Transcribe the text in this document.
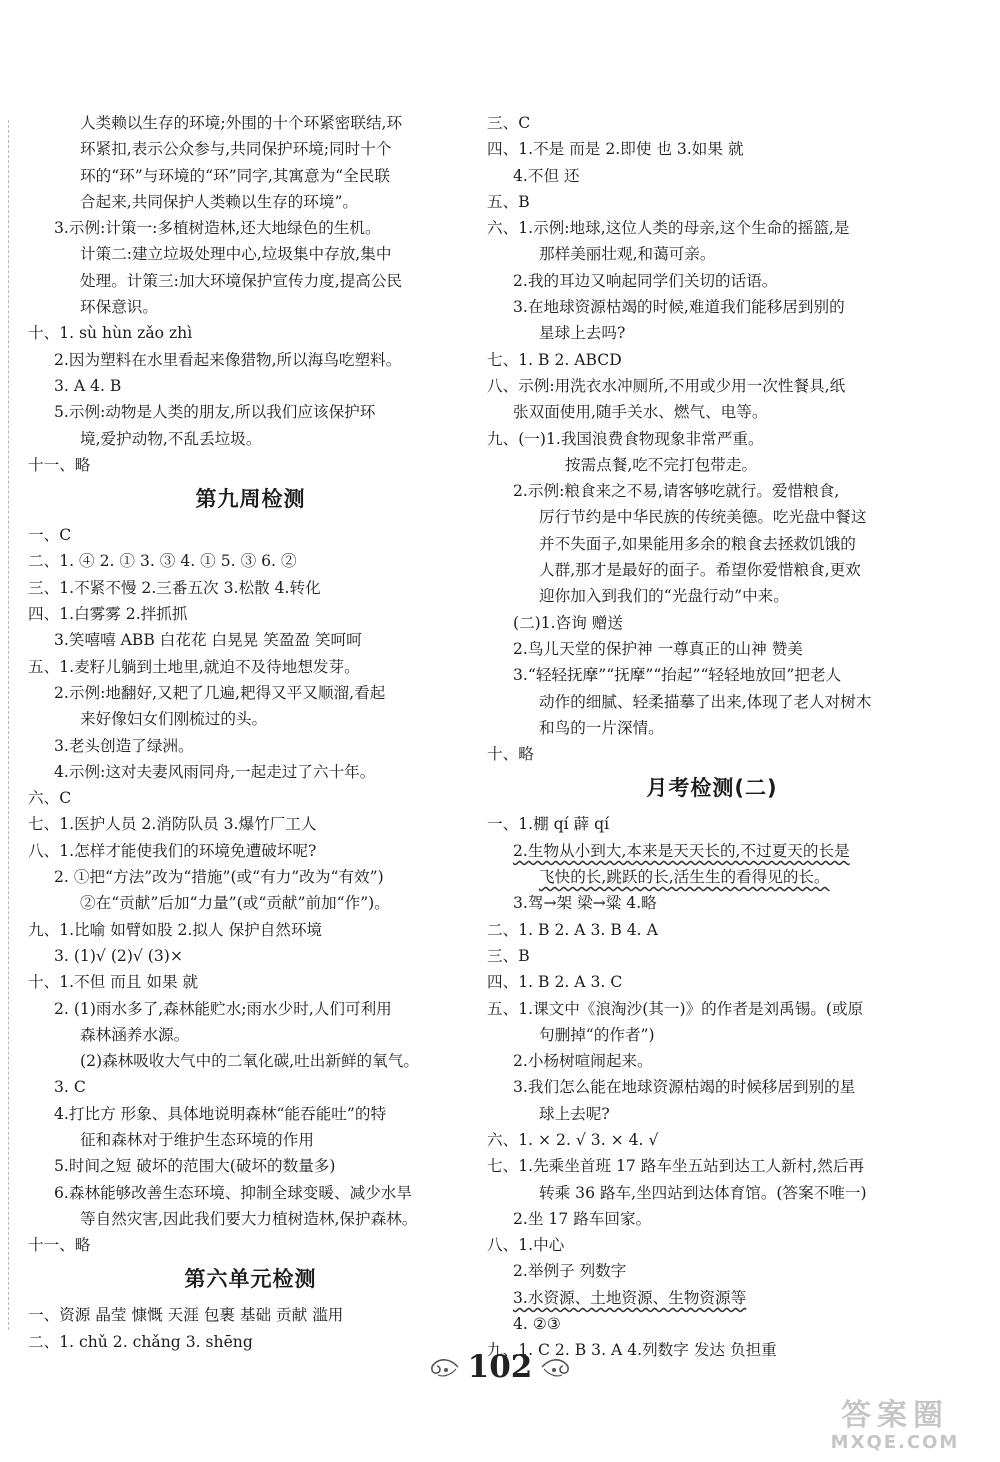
人类赖以生存的环境;外围的十个环紧密联结,环
环紧扣,表示公众参与,共同保护环境;同时十个
环的“环”与环境的“环”同字,其寓意为“全民联
合起来,共同保护人类赖以生存的环境”。
3.示例:计策一:多植树造林,还大地绿色的生机。
计策二:建立垃圾处理中心,垃圾集中存放,集中
处理。计策三:加大环境保护宣传力度,提高公民
环保意识。
十、1. sù hùn zǎo zhì
2.因为塑料在水里看起来像猎物,所以海鸟吃塑料。
3. A 4. B
5.示例:动物是人类的朋友,所以我们应该保护环
境,爱护动物,不乱丢垃圾。
十一、略
第九周检测
一、C
二、1. ④ 2. ① 3. ③ 4. ① 5. ③ 6. ②
三、1.不紧不慢 2.三番五次 3.松散 4.转化
四、1.白雾雾 2.拌抓抓
3.笑嘻嘻 ABB 白花花 白晃晃 笑盈盈 笑呵呵
五、1.麦籽儿躺到土地里,就迫不及待地想发芽。
2.示例:地翻好,又耙了几遍,耙得又平又顺溜,看起
来好像妇女们刚梳过的头。
3.老头创造了绿洲。
4.示例:这对夫妻风雨同舟,一起走过了六十年。
六、C
七、1.医护人员 2.消防队员 3.爆竹厂工人
八、1.怎样才能使我们的环境免遭破坏呢?
2. ①把“方法”改为“措施”(或“有力”改为“有效”)
②在“贡献”后加“力量”(或“贡献”前加“作”)。
九、1.比喻 如臂如股 2.拟人 保护自然环境
3. (1)√ (2)√ (3)×
十、1.不但 而且 如果 就
2. (1)雨水多了,森林能贮水;雨水少时,人们可利用
森林涵养水源。
(2)森林吸收大气中的二氧化碳,吐出新鲜的氧气。
3. C
4.打比方 形象、具体地说明森林“能吞能吐”的特
征和森林对于维护生态环境的作用
5.时间之短 破坏的范围大(破坏的数量多)
6.森林能够改善生态环境、抑制全球变暖、减少水旱
等自然灾害,因此我们要大力植树造林,保护森林。
十一、略
第六单元检测
一、资源 晶莹 慷慨 天涯 包裹 基础 贡献 滥用
二、1. chǔ 2. chǎng 3. shēng
三、C
四、1.不是 而是 2.即使 也 3.如果 就
4.不但 还
五、B
六、1.示例:地球,这位人类的母亲,这个生命的摇篮,是
那样美丽壮观,和蔼可亲。
2.我的耳边又响起同学们关切的话语。
3.在地球资源枯竭的时候,难道我们能移居到别的
星球上去吗?
七、1. B 2. ABCD
八、示例:用洗衣水冲厕所,不用或少用一次性餐具,纸
张双面使用,随手关水、燃气、电等。
九、(一)1.我国浪费食物现象非常严重。
按需点餐,吃不完打包带走。
2.示例:粮食来之不易,请客够吃就行。爱惜粮食,
厉行节约是中华民族的传统美德。吃光盘中餐这
并不失面子,如果能用多余的粮食去拯救饥饿的
人群,那才是最好的面子。希望你爱惜粮食,更欢
迎你加入到我们的“光盘行动”中来。
(二)1.咨询 赠送
2.鸟儿天堂的保护神 一尊真正的山神 赞美
3.“轻轻抚摩”“抚摩”“抬起”“轻轻地放回”把老人
动作的细腻、轻柔描摹了出来,体现了老人对树木
和鸟的一片深情。
十、略
月考检测(二)
一、1.棚 qí 薜 qí
2.生物从小到大,本来是天天长的,不过夏天的长是
飞快的长,跳跃的长,活生生的看得见的长。
3.驾→架 梁→粱 4.略
二、1. B 2. A 3. B 4. A
三、B
四、1. B 2. A 3. C
五、1.课文中《浪淘沙(其一)》的作者是刘禹锡。(或原
句删掉“的作者”)
2.小杨树喧闹起来。
3.我们怎么能在地球资源枯竭的时候移居到别的星
球上去呢?
六、1. × 2. √ 3. × 4. √
七、1.先乘坐首班 17 路车坐五站到达工人新村,然后再
转乘 36 路车,坐四站到达体育馆。(答案不唯一)
2.坐 17 路车回家。
八、1.中心
2.举例子 列数字
3.水资源、土地资源、生物资源等
4. ②③
九、1. C 2. B 3. A 4.列数字 发达 负担重
102
答案圈
MXQE.COM
